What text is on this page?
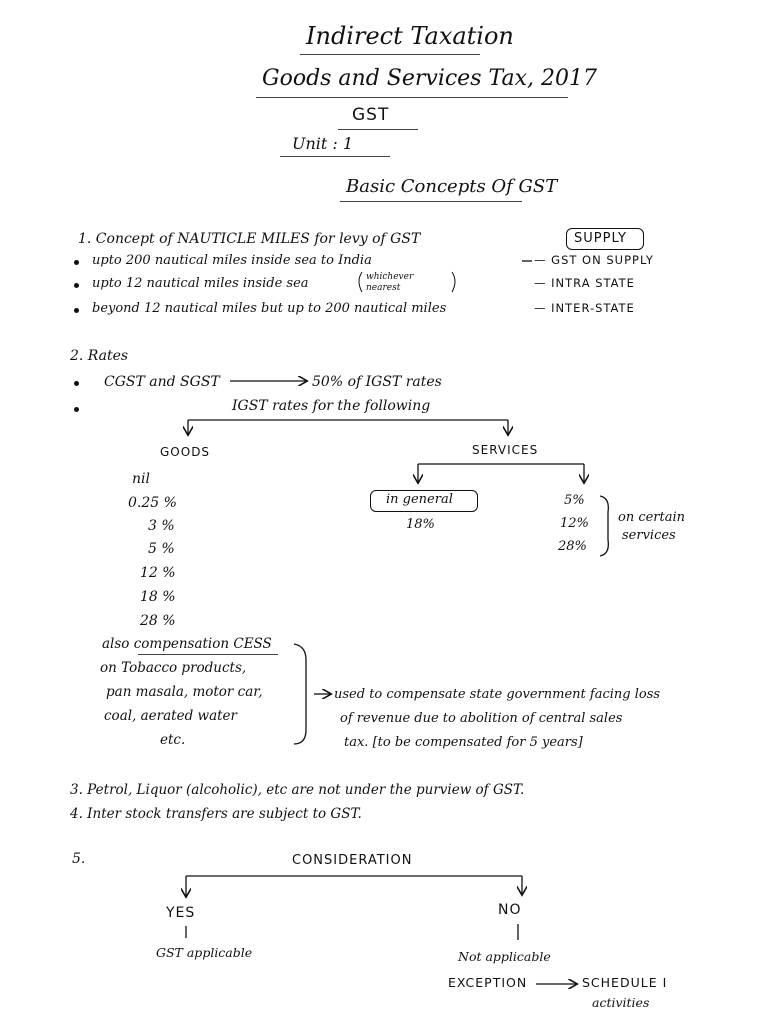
Indirect Taxation
Goods and Services Tax, 2017
GST
Unit : 1
Basic Concepts Of GST
1. Concept of NAUTICLE MILES for levy of GST	SUPPLY
upto 200 nautical miles inside sea to India	— GST ON SUPPLY
upto 12 nautical miles inside sea	whichever nearest	— INTRA STATE
beyond 12 nautical miles but up to 200 nautical miles	— INTER-STATE
2. Rates
CGST and SGST	50% of IGST rates
IGST rates for the following
GOODS
nil
0.25 %
3 %
5 %
12 %
18 %
28 %
SERVICES
in general
18%
5%
12%
28%
on certain
services
also compensation CESS
on Tobacco products,
pan masala, motor car,
coal, aerated water
etc.
used to compensate state government facing loss
of revenue due to abolition of central sales
tax. [to be compensated for 5 years]
3. Petrol, Liquor (alcoholic), etc are not under the purview of GST.
4. Inter stock transfers are subject to GST.
5.	CONSIDERATION
YES	NO
GST applicable	Not applicable
EXCEPTION	SCHEDULE I
activities
